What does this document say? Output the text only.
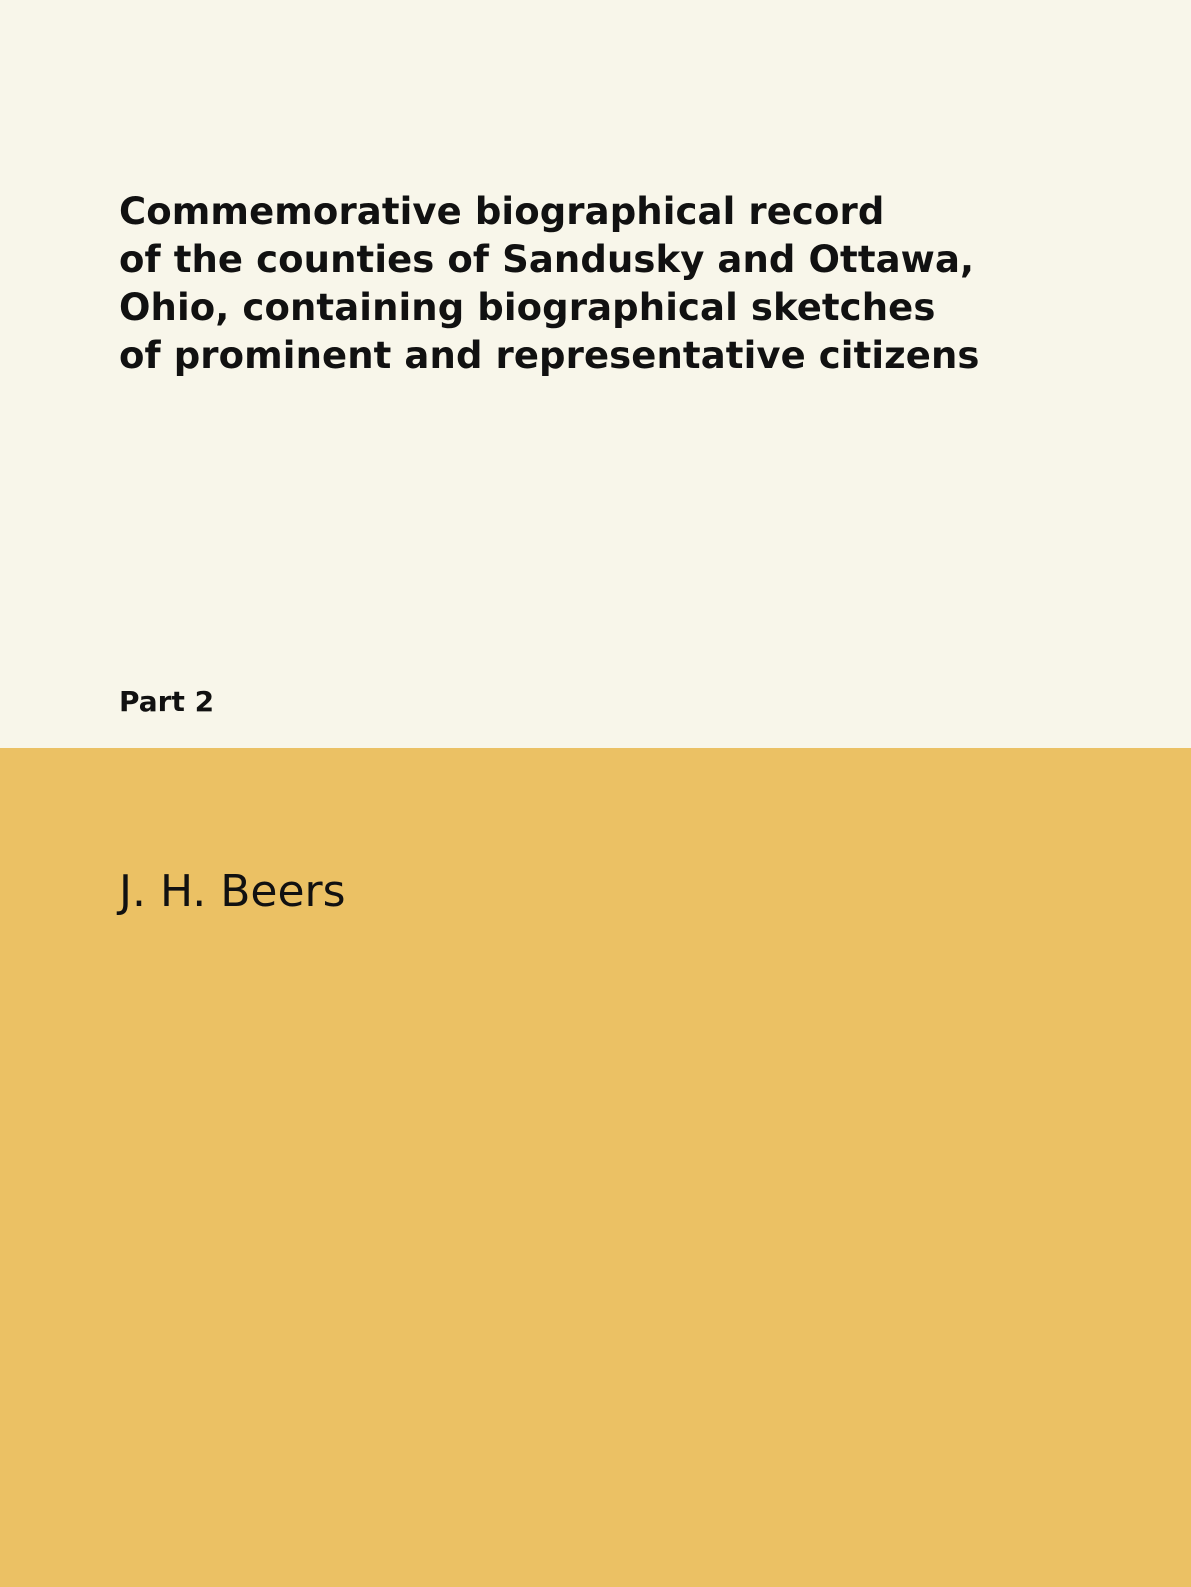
Commemorative biographical record
of the counties of Sandusky and Ottawa,
Ohio, containing biographical sketches
of prominent and representative citizens

Part 2

J. H. Beers
